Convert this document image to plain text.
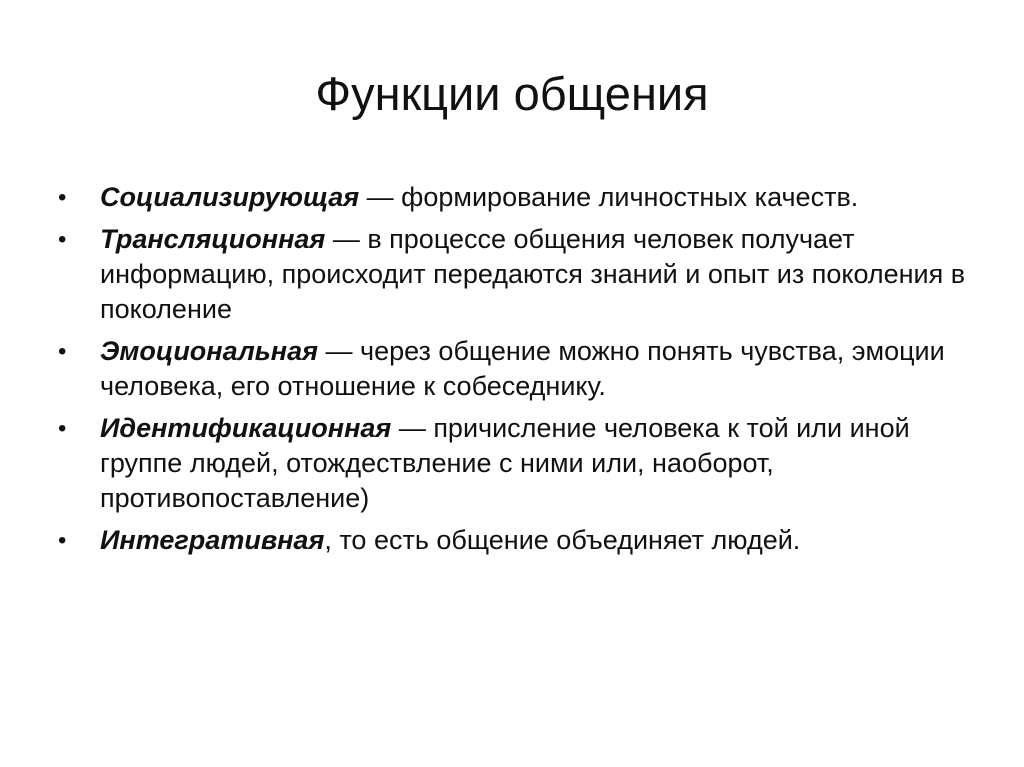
Функции общения
•	Социализирующая — формирование личностных качеств.
•	Трансляционная — в процессе общения человек получает информацию, происходит передаются знаний и опыт из поколения в поколение
•	Эмоциональная — через общение можно понять чувства, эмоции человека, его отношение к собеседнику.
•	Идентификационная — причисление человека к той или иной группе людей, отождествление с ними или, наоборот, противопоставление)
•	Интегративная, то есть общение объединяет людей.
